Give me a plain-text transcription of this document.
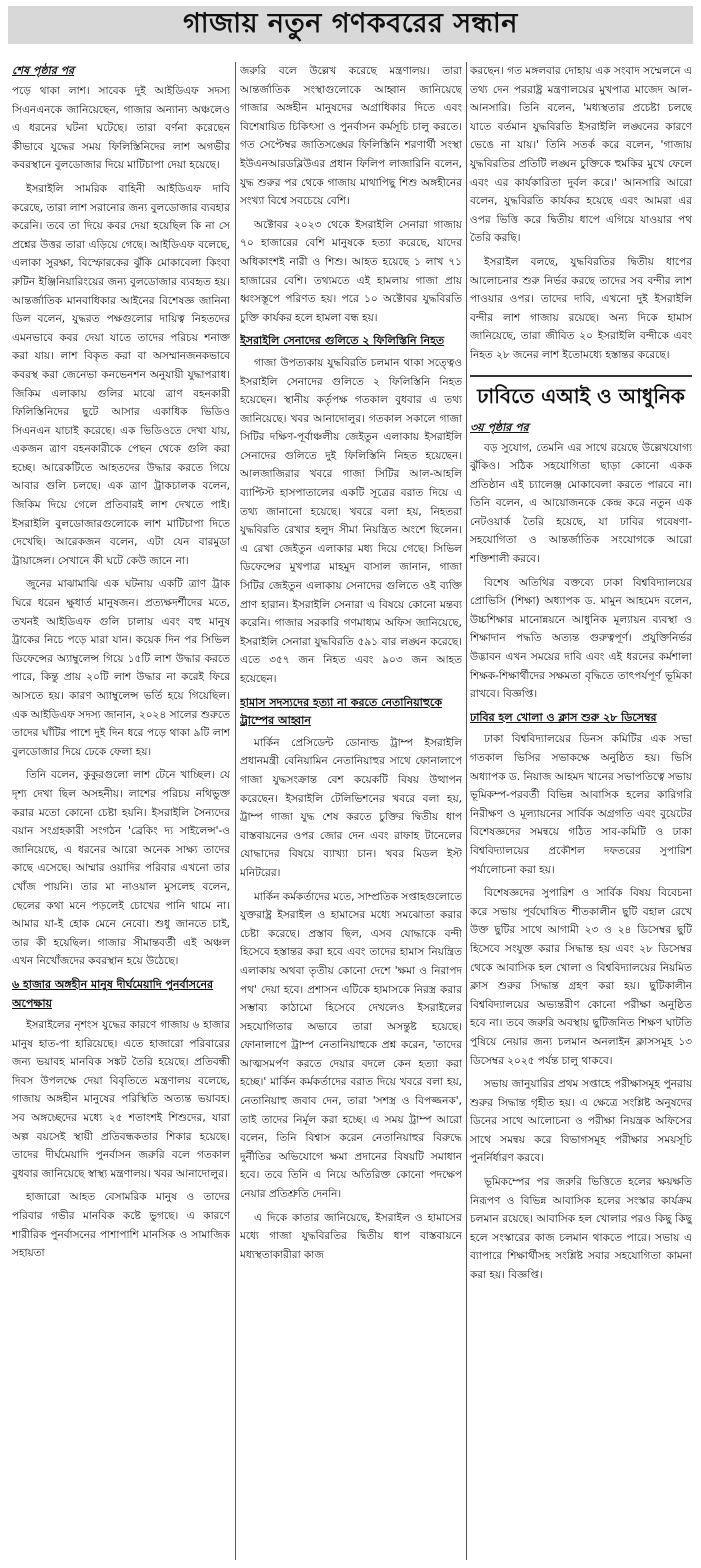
গাজায় নতুন গণকবরের সন্ধান
শেষ পৃষ্ঠার পর

পড়ে থাকা লাশ। সাবেক দুই আইডিএফ সদস্য সিএনএনকে জানিয়েছেন, গাজার অন্যান্য অঞ্চলেও এ ধরনের ঘটনা ঘটেছে। তারা বর্ণনা করেছেন কীভাবে যুদ্ধের সময় ফিলিস্তিনিদের লাশ অগভীর কবরস্থানে বুলডোজার দিয়ে মাটিচাপা দেয়া হয়েছে।

ইসরাইলি সামরিক বাহিনী আইডিএফ দাবি করেছে, তারা লাশ সরানোর জন্য বুলডোজার ব্যবহার করেনি। তবে তা দিয়ে কবর দেয়া হয়েছিল কি না সে প্রশ্নের উত্তর তারা এড়িয়ে গেছে। আইডিএফ বলেছে, এলাকা সুরক্ষা, বিস্ফোরকের ঝুঁকি মোকাবেলা কিংবা রুটিন ইঞ্জিনিয়ারিংয়ের জন্য বুলডোজার ব্যবহৃত হয়। আন্তর্জাতিক মানবাধিকার আইনের বিশেষজ্ঞ জানিনা ডিল বলেন, যুদ্ধরত পক্ষগুলোর দায়িত্ব নিহতদের এমনভাবে কবর দেয়া যাতে তাদের পরিচয় শনাক্ত করা যায়। লাশ বিকৃত করা বা অসম্মানজনকভাবে কবরস্থ করা জেনেভা কনভেনশন অনুযায়ী যুদ্ধাপরাধ। জিকিম এলাকায় গুলির মাঝে ত্রাণ বহনকারী ফিলিস্তিনিদের ছুটে আসার একাধিক ভিডিও সিএনএন যাচাই করেছে। এক ভিডিওতে দেখা যায়, একজন ত্রাণ বহনকারীকে পেছন থেকে গুলি করা হচ্ছে। আরেকটিতে আহতদের উদ্ধার করতে গিয়ে আবার গুলি চলছে। এক ত্রাণ ট্রাকচালক বলেন, জিকিম দিয়ে গেলে প্রতিবারই লাশ দেখতে পাই। ইসরাইলি বুলডোজারগুলোকে লাশ মাটিচাপা দিতে দেখেছি। আরেকজন বলেন, এটা যেন বারমুডা ট্রায়াঙ্গেল। সেখানে কী ঘটে কেউ জানে না।

জুনের মাঝামাঝি এক ঘটনায় একটি ত্রাণ ট্রাক ঘিরে ধরেন ক্ষুধার্ত মানুষজন। প্রত্যক্ষদর্শীদের মতে, তখনই আইডিএফ গুলি চালায় এবং বহু মানুষ ট্রাকের নিচে পড়ে মারা যান। কয়েক দিন পর সিভিল ডিফেন্সের অ্যাম্বুলেন্স গিয়ে ১৫টি লাশ উদ্ধার করতে পারে, কিন্তু প্রায় ২০টি লাশ উদ্ধার না করেই ফিরে আসতে হয়। কারণ অ্যাম্বুলেন্স ভর্তি হয়ে গিয়েছিল। এক আইডিএফ সদস্য জানান, ২০২৪ সালের শুরুতে তাদের ঘাঁটির পাশে দুই দিন ধরে পড়ে থাকা ৯টি লাশ বুলডোজার দিয়ে ঢেকে ফেলা হয়।

তিনি বলেন, কুকুরগুলো লাশ টেনে খাচ্ছিল। যে দৃশ্য দেখা ছিল অসহনীয়। লাশের পরিচয় নথিভুক্ত করার মতো কোনো চেষ্টা হয়নি। ইসরাইলি সৈন্যদের বয়ান সংগ্রহকারী সংগঠন 'ব্রেকিং দ্য সাইলেন্স'-ও জানিয়েছে, এ ধরনের আরো অনেক সাক্ষ্য তাদের কাছে এসেছে। আম্মার ওয়াদির পরিবার এখনো তার খোঁজ পায়নি। তার মা নাওয়াল মুসলেহ বলেন, ছেলের কথা মনে পড়লেই চোখের পানি থামে না। আমার যা-ই হোক মেনে নেবো। শুধু জানতে চাই, তার কী হয়েছিল। গাজার সীমান্তবর্তী এই অঞ্চল এখন নিখোঁজদের কবরস্থান হয়ে উঠেছে।

৬ হাজার অঙ্গহীন মানুষ দীর্ঘমেয়াদি পুনর্বাসনের অপেক্ষায়

ইসরাইলের নৃশংস যুদ্ধের কারণে গাজায় ৬ হাজার মানুষ হাত-পা হারিয়েছে। এতে হাজারো পরিবারের জন্য ভয়াবহ মানবিক সঙ্কট তৈরি হয়েছে। প্রতিবন্ধী দিবস উপলক্ষে দেয়া বিবৃতিতে মন্ত্রণালয় বলেছে, গাজায় অঙ্গহীন মানুষের পরিস্থিতি অত্যন্ত ভয়াবহ। সব অঙ্গচ্ছেদের মধ্যে ২৫ শতাংশই শিশুদের, যারা অল্প বয়সেই স্থায়ী প্রতিবন্ধকতার শিকার হয়েছে। তাদের দীর্ঘমেয়াদি পুনর্বাসন জরুরি বলে গতকাল বুধবার জানিয়েছে স্বাস্থ্য মন্ত্রণালয়। খবর আনাদোলুর।

হাজারো আহত বেসামরিক মানুষ ও তাদের পরিবার গভীর মানবিক কষ্টে ভুগছে। এ কারণে শারীরিক পুনর্বাসনের পাশাপাশি মানসিক ও সামাজিক সহায়তা

জরুরি বলে উল্লেখ করেছে মন্ত্রণালয়। তারা আন্তর্জাতিক সংস্থাগুলোকে আহ্বান জানিয়েছে গাজার অঙ্গহীন মানুষদের অগ্রাধিকার দিতে এবং বিশেষায়িত চিকিৎসা ও পুনর্বাসন কর্মসূচি চালু করতে। গত সেপ্টেম্বর জাতিসঙ্ঘের ফিলিস্তিনি শরণার্থী সংস্থা ইউএনআরডব্লিউএর প্রধান ফিলিপ লাজারিনি বলেন, যুদ্ধ শুরুর পর থেকে গাজায় মাথাপিছু শিশু অঙ্গহীনের সংখ্যা বিশ্বে সবচেয়ে বেশি।

অক্টোবর ২০২৩ থেকে ইসরাইলি সেনারা গাজায় ৭০ হাজারের বেশি মানুষকে হত্যা করেছে, যাদের অধিকাংশই নারী ও শিশু। আহত হয়েছে ১ লাখ ৭১ হাজারের বেশি। তথ্যমতে এই হামলায় গাজা প্রায় ধ্বংসস্তূপে পরিণত হয়। পরে ১০ অক্টোবর যুদ্ধবিরতি চুক্তি কার্যকর হলে হামলা বন্ধ হয়।

ইসরাইলি সেনাদের গুলিতে ২ ফিলিস্তিনি নিহত

গাজা উপত্যকায় যুদ্ধবিরতি চলমান থাকা সত্ত্বেও ইসরাইলি সেনাদের গুলিতে ২ ফিলিস্তিনি নিহত হয়েছেন। স্থানীয় কর্তৃপক্ষ গতকাল বুধবার এ তথ্য জানিয়েছে। খবর আনাদোলুর। গতকাল সকালে গাজা সিটির দক্ষিণ-পূর্বাঞ্চলীয় জেইতুন এলাকায় ইসরাইলি সেনাদের গুলিতে দুই ফিলিস্তিনি নিহত হয়েছেন। আলজাজিরার খবরে গাজা সিটির আল-আহলি ব্যাপ্টিস্ট হাসপাতালের একটি সূত্রের বরাত দিয়ে এ তথ্য জানানো হয়েছে। খবরে বলা হয়, নিহতরা যুদ্ধবিরতি রেখার হলুদ সীমা নিয়ন্ত্রিত অংশে ছিলেন। এ রেখা জেইতুন এলাকার মধ্য দিয়ে গেছে। সিভিল ডিফেন্সের মুখপাত্র মাহমুদ বাসাল জানান, গাজা সিটির জেইতুন এলাকায় সেনাদের গুলিতে ওই ব্যক্তি প্রাণ হারান। ইসরাইলি সেনারা এ বিষয়ে কোনো মন্তব্য করেনি। গাজার সরকারি গণমাধ্যম অফিস জানিয়েছে, ইসরাইলি সেনারা যুদ্ধবিরতি ৫৯১ বার লঙ্ঘন করেছে। এতে ৩৫৭ জন নিহত এবং ৯০৩ জন আহত হয়েছেন।

হামাস সদস্যদের হত্যা না করতে নেতানিয়াহুকে ট্রাম্পের আহ্বান

মার্কিন প্রেসিডেন্ট ডোনাল্ড ট্রাম্প ইসরাইলি প্রধানমন্ত্রী বেনিয়ামিন নেতানিয়াহুর সাথে ফোনালাপে গাজা যুদ্ধসংক্রান্ত বেশ কয়েকটি বিষয় উত্থাপন করেছেন। ইসরাইলি টেলিভিশনের খবরে বলা হয়, ট্রাম্প গাজা যুদ্ধ শেষ করতে চুক্তির দ্বিতীয় ধাপ বাস্তবায়নের ওপর জোর দেন এবং রাফাহ টানেলের যোদ্ধাদের বিষয়ে ব্যাখ্যা চান। খবর মিডল ইস্ট মনিটরের।

মার্কিন কর্মকর্তাদের মতে, সাম্প্রতিক সপ্তাহগুলোতে যুক্তরাষ্ট্র ইসরাইল ও হামাসের মধ্যে সমঝোতা করার চেষ্টা করেছে। প্রস্তাব ছিল, এসব যোদ্ধাকে বন্দী হিসেবে হস্তান্তর করা হবে এবং তাদের হামাস নিয়ন্ত্রিত এলাকায় অথবা তৃতীয় কোনো দেশে 'ক্ষমা ও নিরাপদ পথ' দেয়া হবে। প্রশাসন এটিকে হামাসকে নিরস্ত্র করার সম্ভাব্য কাঠামো হিসেবে দেখলেও ইসরাইলের সহযোগিতার অভাবে তারা অসন্তুষ্ট হয়েছে। ফোনালাপে ট্রাম্প নেতানিয়াহুকে প্রশ্ন করেন, 'তাদের আত্মসমর্পণ করতে দেয়ার বদলে কেন হত্যা করা হচ্ছে।' মার্কিন কর্মকর্তাদের বরাত দিয়ে খবরে বলা হয়, নেতানিয়াহু জবাব দেন, তারা 'সশস্ত্র ও বিপজ্জনক', তাই তাদের নির্মূল করা হচ্ছে। এ সময় ট্রাম্প আরো বলেন, তিনি বিশ্বাস করেন নেতানিয়াহুর বিরুদ্ধে দুর্নীতির অভিযোগে ক্ষমা প্রদানের বিষয়টি সমাধান হবে। তবে তিনি এ নিয়ে অতিরিক্ত কোনো পদক্ষেপ নেয়ার প্রতিশ্রুতি দেননি।

এ দিকে কাতার জানিয়েছে, ইসরাইল ও হামাসের মধ্যে গাজা যুদ্ধবিরতির দ্বিতীয় ধাপ বাস্তবায়নে মধ্যস্থতাকারীরা কাজ

করছেন। গত মঙ্গলবার দোহায় এক সংবাদ সম্মেলনে এ তথ্য দেন পররাষ্ট্র মন্ত্রণালয়ের মুখপাত্র মাজেদ আল-আনসারি। তিনি বলেন, 'মধ্যস্থতার প্রচেষ্টা চলছে যাতে বর্তমান যুদ্ধবিরতি ইসরাইলি লঙ্ঘনের কারণে ভেঙে না যায়।' তিনি সতর্ক করে বলেন, 'গাজায় যুদ্ধবিরতির প্রতিটি লঙ্ঘন চুক্তিকে হুমকির মুখে ফেলে এবং এর কার্যকারিতা দুর্বল করে।' আনসারি আরো বলেন, যুদ্ধবিরতি কার্যকর হয়েছে এবং আমরা এর ওপর ভিত্তি করে দ্বিতীয় ধাপে এগিয়ে যাওয়ার পথ তৈরি করছি।

ইসরাইল বলছে, যুদ্ধবিরতির দ্বিতীয় ধাপের আলোচনার শুরু নির্ভর করছে তাদের সব বন্দীর লাশ পাওয়ার ওপর। তাদের দাবি, এখনো দুই ইসরাইলি বন্দীর লাশ গাজায় রয়েছে। অন্য দিকে হামাস জানিয়েছে, তারা জীবিত ২০ ইসরাইলি বন্দীকে এবং নিহত ২৮ জনের লাশ ইতোমধ্যে হস্তান্তর করেছে।

ঢাবিতে এআই ও আধুনিক
৩য় পৃষ্ঠার পর

বড় সুযোগ, তেমনি এর সাথে রয়েছে উল্লেখযোগ্য ঝুঁকিও। সঠিক সহযোগিতা ছাড়া কোনো একক প্রতিষ্ঠান এই চ্যালেঞ্জ মোকাবেলা করতে পারবে না। তিনি বলেন, এ আয়োজনকে কেন্দ্র করে নতুন এক নেটওয়ার্ক তৈরি হয়েছে, যা ঢাবির গবেষণা-সহযোগিতা ও আন্তর্জাতিক সংযোগকে আরো শক্তিশালী করবে।

বিশেষ অতিথির বক্তব্যে ঢাকা বিশ্ববিদ্যালয়ের প্রোভিসি (শিক্ষা) অধ্যাপক ড. মামুন আহমেদ বলেন, উচ্চশিক্ষার মানোন্নয়নে আধুনিক মূল্যায়ন ব্যবস্থা ও শিক্ষাদান পদ্ধতি অত্যন্ত গুরুত্বপূর্ণ। প্রযুক্তিনির্ভর উদ্ভাবন এখন সময়ের দাবি এবং এই ধরনের কর্মশালা শিক্ষক-শিক্ষার্থীদের সক্ষমতা বৃদ্ধিতে তাৎপর্যপূর্ণ ভূমিকা রাখবে। বিজ্ঞপ্তি।

ঢাবির হল খোলা ও ক্লাস শুরু ২৮ ডিসেম্বর

ঢাকা বিশ্ববিদ্যালয়ের ডিনস কমিটির এক সভা গতকাল ভিসির সভাকক্ষে অনুষ্ঠিত হয়। ভিসি অধ্যাপক ড. নিয়াজ আহমদ খানের সভাপতিত্বে সভায় ভূমিকম্প-পরবর্তী বিভিন্ন আবাসিক হলের কারিগরি নিরীক্ষণ ও মূল্যায়নের সার্বিক অগ্রগতি এবং বুয়েটের বিশেষজ্ঞদের সমন্বয়ে গঠিত সাব-কমিটি ও ঢাকা বিশ্ববিদ্যালয়ের প্রকৌশল দফতরের সুপারিশ পর্যালোচনা করা হয়।

বিশেষজ্ঞদের সুপারিশ ও সার্বিক বিষয় বিবেচনা করে সভায় পূর্বঘোষিত শীতকালীন ছুটি বহাল রেখে উক্ত ছুটির সাথে আগামী ২৩ ও ২৪ ডিসেম্বর ছুটি হিসেবে সংযুক্ত করার সিদ্ধান্ত হয় এবং ২৮ ডিসেম্বর থেকে আবাসিক হল খোলা ও বিশ্ববিদ্যালয়ের নিয়মিত ক্লাস শুরুর সিদ্ধান্ত গ্রহণ করা হয়। ছুটিকালীন বিশ্ববিদ্যালয়ের অভ্যন্তরীণ কোনো পরীক্ষা অনুষ্ঠিত হবে না। তবে জরুরি অবস্থায় ছুটিজনিত শিক্ষণ ঘাটতি পুষিয়ে নেয়ার জন্য চলমান অনলাইন ক্লাসসমূহ ১৩ ডিসেম্বর ২০২৫ পর্যন্ত চালু থাকবে।

সভায় জানুয়ারির প্রথম সপ্তাহে পরীক্ষাসমূহ পুনরায় শুরুর সিদ্ধান্ত গৃহীত হয়। এ ক্ষেত্রে সংশ্লিষ্ট অনুষদের ডিনের সাথে আলোচনা ও পরীক্ষা নিয়ন্ত্রক অফিসের সাথে সমন্বয় করে বিভাগসমূহ পরীক্ষার সময়সূচি পুনর্নির্ধারণ করবে।

ভূমিকম্পের পর জরুরি ভিত্তিতে হলের ক্ষয়ক্ষতি নিরূপণ ও বিভিন্ন আবাসিক হলের সংস্কার কার্যক্রম চলমান রয়েছে। আবাসিক হল খোলার পরও কিছু কিছু হলে সংস্কারের কাজ চলমান থাকতে পারে। সভায় এ ব্যাপারে শিক্ষার্থীসহ সংশ্লিষ্ট সবার সহযোগিতা কামনা করা হয়। বিজ্ঞপ্তি।
